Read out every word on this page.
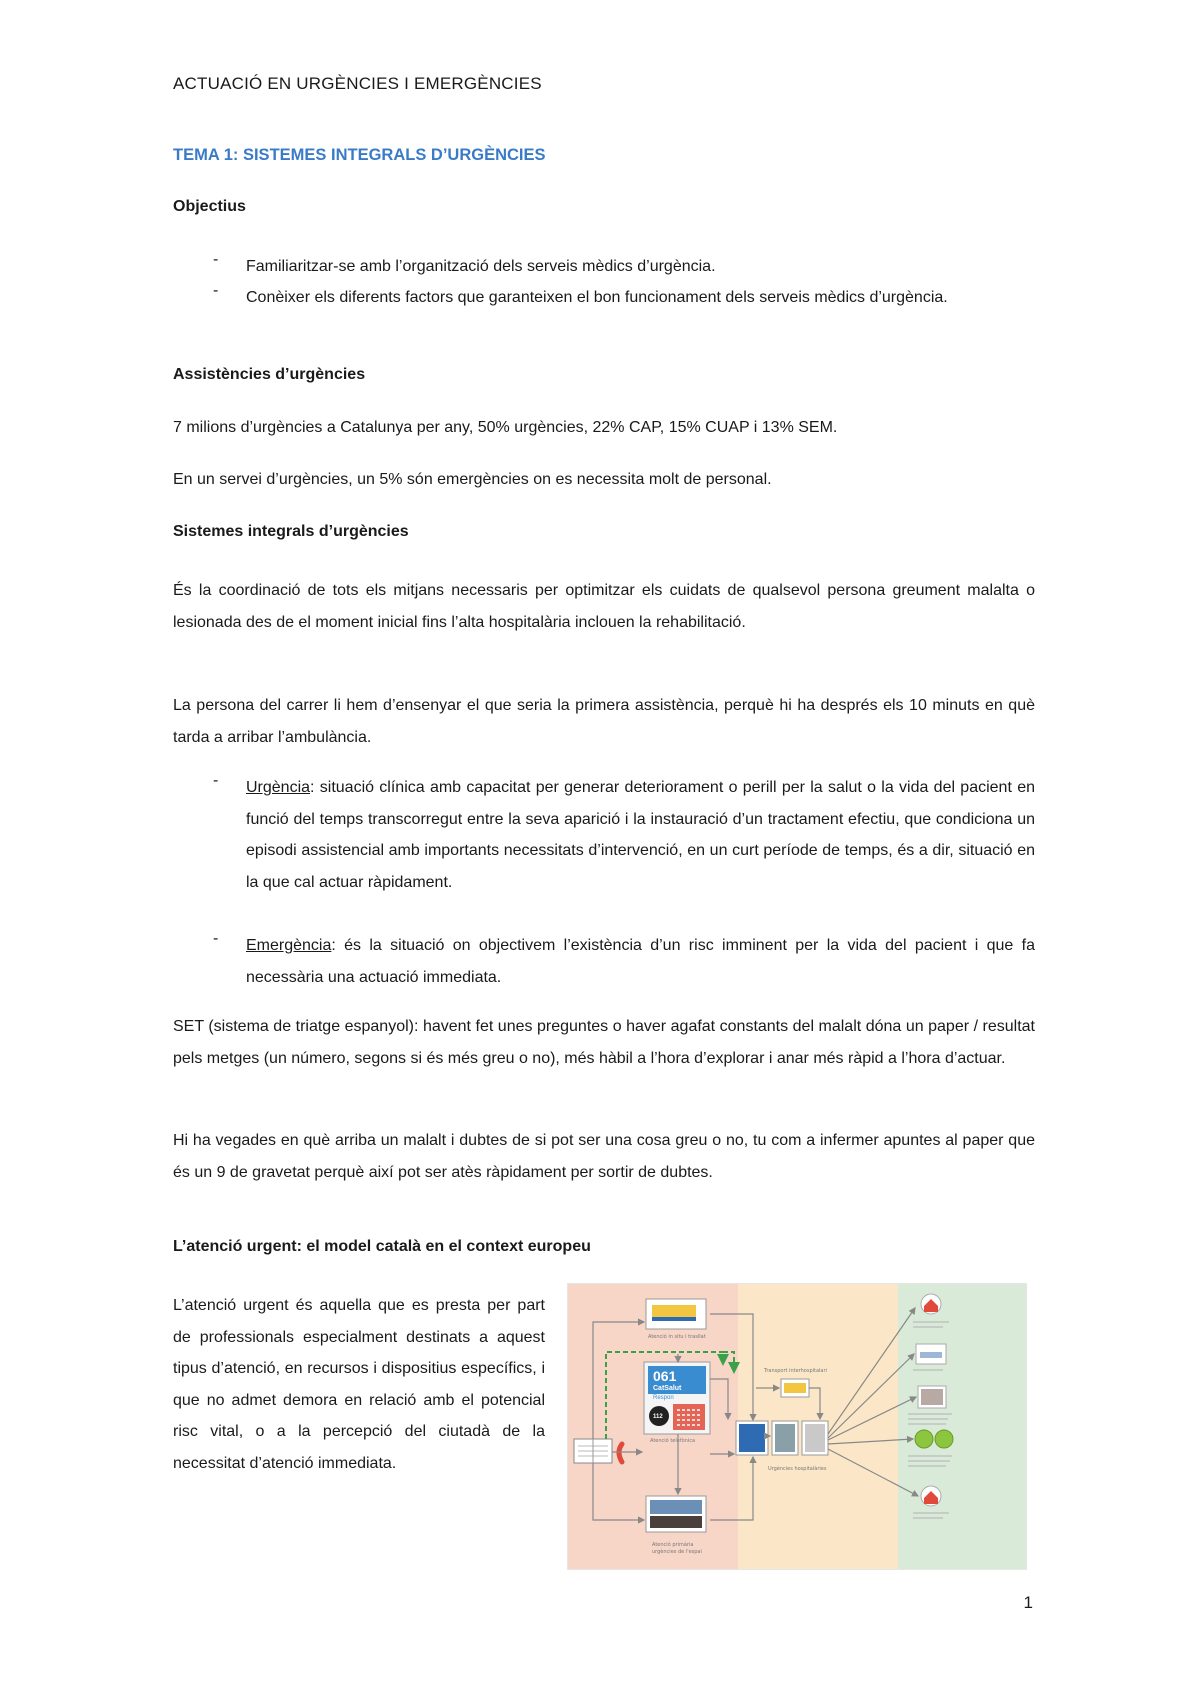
ACTUACIÓ EN URGÈNCIES I EMERGÈNCIES
TEMA 1: SISTEMES INTEGRALS D’URGÈNCIES
Objectius
- Familiaritzar-se amb l’organització dels serveis mèdics d’urgència.
- Conèixer els diferents factors que garanteixen el bon funcionament dels serveis mèdics d’urgència.
Assistències d’urgències
7 milions d’urgències a Catalunya per any, 50% urgències, 22% CAP, 15% CUAP i 13% SEM.
En un servei d’urgències, un 5% són emergències on es necessita molt de personal.
Sistemes integrals d’urgències
És la coordinació de tots els mitjans necessaris per optimitzar els cuidats de qualsevol persona greument malalta o lesionada des de el moment inicial fins l’alta hospitalària inclouen la rehabilitació.
La persona del carrer li hem d’ensenyar el que seria la primera assistència, perquè hi ha després els 10 minuts en què tarda a arribar l’ambulància.
- Urgència: situació clínica amb capacitat per generar deteriorament o perill per la salut o la vida del pacient en funció del temps transcorregut entre la seva aparició i la instauració d’un tractament efectiu, que condiciona un episodi assistencial amb importants necessitats d’intervenció, en un curt període de temps, és a dir, situació en la que cal actuar ràpidament.
- Emergència: és la situació on objectivem l’existència d’un risc imminent per la vida del pacient i que fa necessària una actuació immediata.
SET (sistema de triatge espanyol): havent fet unes preguntes o haver agafat constants del malalt dóna un paper / resultat pels metges (un número, segons si és més greu o no), més hàbil a l’hora d’explorar i anar més ràpid a l’hora d’actuar.
Hi ha vegades en què arriba un malalt i dubtes de si pot ser una cosa greu o no, tu com a infermer apuntes al paper que és un 9 de gravetat perquè així pot ser atès ràpidament per sortir de dubtes.
L’atenció urgent: el model català en el context europeu
L’atenció urgent és aquella que es presta per part de professionals especialment destinats a aquest tipus d’atenció, en recursos i dispositius específics, i que no admet demora en relació amb el potencial risc vital, o a la percepció del ciutadà de la necessitat d’atenció immediata.
Atenció in situ i trasllat
061
CatSalut
Respon
112
Atenció telefònica
Atenció primària
urgències de l'espai
Urgències hospitalàries
Transport interhospitalari
1
